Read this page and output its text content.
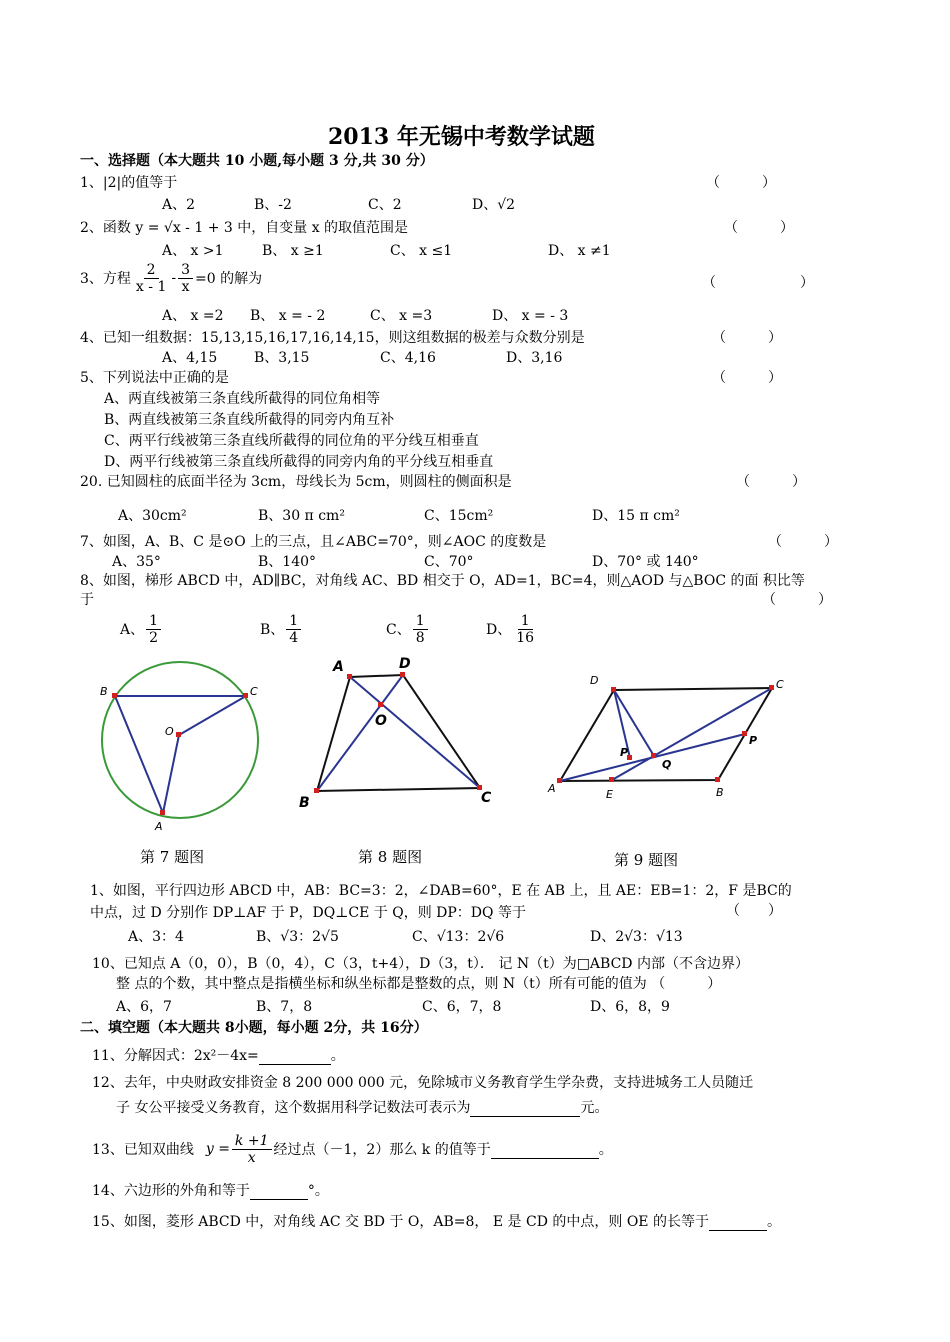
2013 年无锡中考数学试题
一、选择题（本大题共 10 小题,每小题 3 分,共 30 分）
1、|2|的值等于	（　　　）
A、2	B、-2	C、2	D、√2
2、函数 y = √x - 1 + 3 中，自变量 x 的取值范围是	（　　　）
A、 x >1	B、 x ≥1	C、 x ≤1	D、 x ≠1
3、方程 $\frac{2}{x - 1} - \frac{3}{x} =0$ 的解为	（　　　　　　）
A、 x =2 B、 x = - 2	C、 x =3	D、 x = - 3
4、已知一组数据：15,13,15,16,17,16,14,15，则这组数据的极差与众数分别是	（　　　）
A、4,15	B、3,15	C、4,16	D、3,16
5、下列说法中正确的是	（　　　）
A、两直线被第三条直线所截得的同位角相等
B、两直线被第三条直线所截得的同旁内角互补
C、两平行线被第三条直线所截得的同位角的平分线互相垂直
D、两平行线被第三条直线所截得的同旁内角的平分线互相垂直
20. 已知圆柱的底面半径为 3cm，母线长为 5cm，则圆柱的侧面积是	（　　　）
A、30cm²	B、30 π cm²	C、15cm²	D、15 π cm²
7、如图，A、B、C 是⊙O 上的三点，且∠ABC=70°，则∠AOC 的度数是	（　　　）
A、35°	B、140°	C、70°	D、70° 或 140°
8、如图，梯形 ABCD 中，AD∥BC，对角线 AC、BD 相交于 O，AD=1，BC=4，则△AOD 与△BOC 的面 积比等
于	（　　　）
A、 $\frac{1}{2}$	B、 $\frac{1}{4}$	C、 $\frac{1}{8}$	D、 $\frac{1}{16}$
B	C
O
A
A	D
O
B	C
D	C
P
Q
P
A	E	B
第 7 题图	第 8 题图	第 9 题图
1、如图，平行四边形 ABCD 中，AB：BC=3：2，∠DAB=60°，E 在 AB 上，且 AE：EB=1：2，F 是BC的
中点，过 D 分别作 DP⊥AF 于 P，DQ⊥CE 于 Q，则 DP：DQ 等于	（　　）
A、3：4	B、√3：2√5	C、√13：2√6	D、2√3：√13
10、已知点 A（0，0），B（0，4），C（3，t+4），D（3，t）． 记 N（t）为□ABCD 内部（不含边界）
整 点的个数，其中整点是指横坐标和纵坐标都是整数的点，则 N（t）所有可能的值为 （　　　）
A、6，7	B、7，8	C、6，7，8	D、6，8，9
二、填空题（本大题共 8小题，每小题 2分，共 16分）
11、分解因式：2x²－4x=	。
12、去年，中央财政安排资金 8 200 000 000 元，免除城市义务教育学生学杂费，支持进城务工人员随迁
子 女公平接受义务教育，这个数据用科学记数法可表示为	元。
13、已知双曲线 $y = \frac{k +1}{x}$ 经过点（－1，2）那么 k 的值等于	。
14、六边形的外角和等于	°。
15、如图，菱形 ABCD 中，对角线 AC 交 BD 于 O，AB=8， E 是 CD 的中点，则 OE 的长等于	。
